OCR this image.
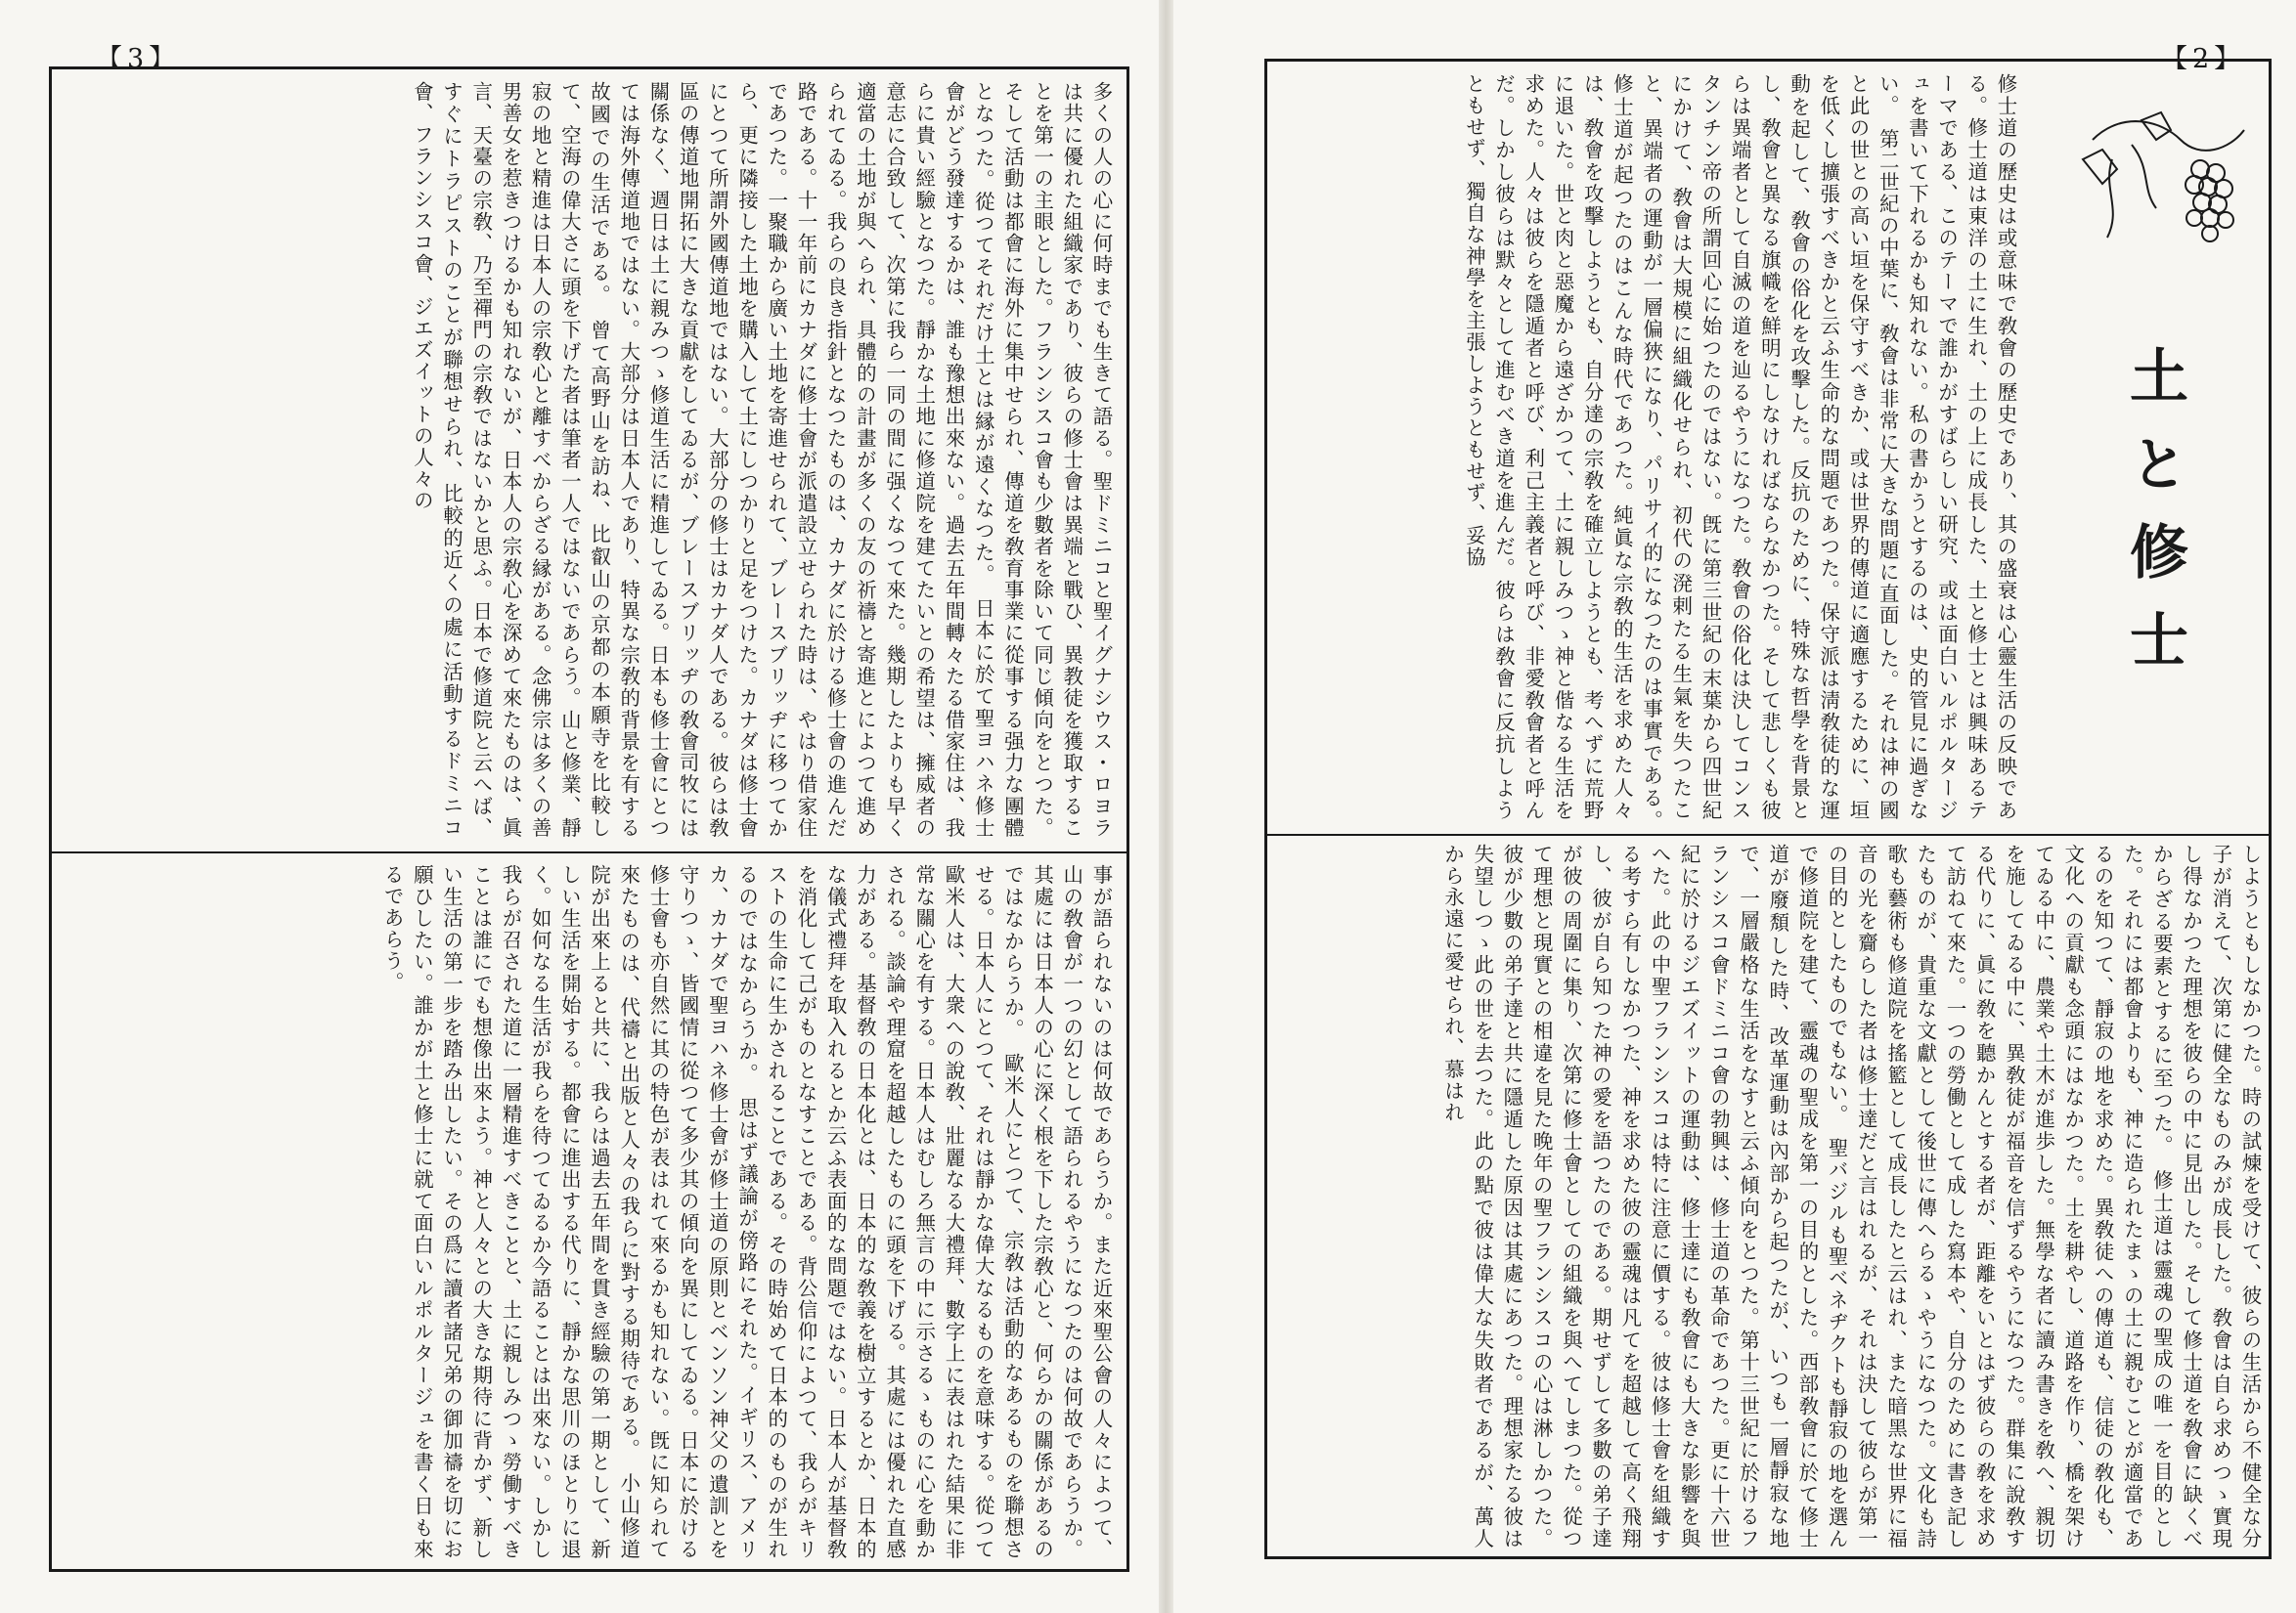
【3】
多くの人の心に何時までも生きて語る。聖ドミニコと聖イグナシウス・ロヨラは共に優れた組織家であり、彼らの修士會は異端と戰ひ、異教徒を獲取することを第一の主眼とした。フランシスコ會も少數者を除いて同じ傾向をとつた。そして活動は都會に海外に集中せられ、傳道を敎育事業に從事する强力な團體となつた。從つてそれだけ土とは縁が遠くなつた。　日本に於て聖ヨハネ修士會がどう發達するかは、誰も豫想出來ない。過去五年間轉々たる借家住は、我らに貴い經驗となつた。靜かな土地に修道院を建てたいとの希望は、擁威者の意志に合致して、次第に我ら一同の間に强くなつて來た。幾期したよりも早く適當の土地が與へられ、具體的の計畫が多くの友の祈禱と寄進とによつて進められてゐる。我らの良き指針となつたものは、カナダに於ける修士會の進んだ路である。十一年前にカナダに修士會が派遣設立せられた時は、やはり借家住であつた。一聚職から廣い土地を寄進せられて、ブレースブリッヂに移つてから、更に隣接した土地を購入して土にしつかりと足をつけた。カナダは修士會にとつて所謂外國傳道地ではない。大部分の修士はカナダ人である。彼らは敎區の傳道地開拓に大きな貢獻をしてゐるが、ブレースブリッヂの敎會司牧には關係なく、週日は土に親みつゝ修道生活に精進してゐる。日本も修士會にとつては海外傳道地ではない。大部分は日本人であり、特異な宗敎的背景を有する故國での生活である。　曾て高野山を訪ね、比叡山の京都の本願寺を比較して、空海の偉大さに頭を下げた者は筆者一人ではないであらう。山と修業、靜寂の地と精進は日本人の宗敎心と離すべからざる縁がある。念佛宗は多くの善男善女を惹きつけるかも知れないが、日本人の宗敎心を深めて來たものは、眞言、天臺の宗敎、乃至禪門の宗敎ではないかと思ふ。日本で修道院と云へば、すぐにトラピストのことが聯想せられ、比較的近くの處に活動するドミニコ會、フランシスコ會、ジエズイットの人々の
事が語られないのは何故であらうか。また近來聖公會の人々によつて、山の敎會が一つの幻として語られるやうになつたのは何故であらうか。其處には日本人の心に深く根を下した宗敎心と、何らかの關係があるのではなからうか。　歐米人にとつて、宗敎は活動的なあるものを聯想させる。日本人にとつて、それは靜かな偉大なるものを意味する。從つて歐米人は、大衆への說敎、壯麗なる大禮拜、數字上に表はれた結果に非常な關心を有する。日本人はむしろ無言の中に示さるゝものに心を動かされる。談論や理窟を超越したものに頭を下げる。其處には優れた直感力がある。基督敎の日本化とは、日本的な敎義を樹立するとか、日本的な儀式禮拜を取入れるとか云ふ表面的な問題ではない。日本人が基督敎を消化して己がものとなすことである。背公信仰によつて、我らがキリストの生命に生かされることである。その時始めて日本的のものが生れるのではなからうか。　思はず議論が傍路にそれた。イギリス、アメリカ、カナダで聖ヨハネ修士會が修士道の原則とベンソン神父の遺訓とを守りつゝ、皆國情に從つて多少其の傾向を異にしてゐる。日本に於ける修士會も亦自然に其の特色が表はれて來るかも知れない。旣に知られて來たものは、代禱と出版と人々の我らに對する期待である。　小山修道院が出來上ると共に、我らは過去五年間を貫き經驗の第一期として、新しい生活を開始する。都會に進出する代りに、靜かな思川のほとりに退く。如何なる生活が我らを待つてゐるか今語ることは出來ない。しかし我らが召された道に一層精進すべきことと、土に親しみつゝ勞働すべきことは誰にでも想像出來よう。神と人々との大きな期待に背かず、新しい生活の第一步を踏み出したい。その爲に讀者諸兄弟の御加禱を切にお願ひしたい。誰かが土と修士に就て面白いルポルタージュを書く日も來るであらう。
【2】
土と修士
修士道の歷史は或意味で敎會の歷史であり、其の盛衰は心靈生活の反映である。修士道は東洋の土に生れ、土の上に成長した、土と修士とは興味あるテーマである、このテーマで誰かがすばらしい研究、或は面白いルポルタージュを書いて下れるかも知れない。私の書かうとするのは、史的管見に過ぎない。　第二世紀の中葉に、敎會は非常に大きな問題に直面した。それは神の國と此の世との高い垣を保守すべきか、或は世界的傳道に適應するために、垣を低くし擴張すべきかと云ふ生命的な問題であつた。保守派は淸敎徒的な運動を起して、敎會の俗化を攻擊した。反抗のために、特殊な哲學を背景とし、敎會と異なる旗幟を鮮明にしなければならなかつた。そして悲しくも彼らは異端者として自滅の道を辿るやうになつた。敎會の俗化は決してコンスタンチン帝の所謂回心に始つたのではない。旣に第三世紀の末葉から四世紀にかけて、敎會は大規模に組織化せられ、初代の溌剌たる生氣を失つたこと、異端者の運動が一層偏狹になり、パリサイ的になつたのは事實である。　修士道が起つたのはこんな時代であつた。純眞な宗敎的生活を求めた人々は、敎會を攻擊しようとも、自分達の宗敎を確立しようとも、考へずに荒野に退いた。世と肉と惡魔から遠ざかつて、土に親しみつゝ神と偕なる生活を求めた。人々は彼らを隱遁者と呼び、利己主義者と呼び、非愛敎會者と呼んだ。しかし彼らは默々として進むべき道を進んだ。彼らは敎會に反抗しようともせず、獨自な神學を主張しようともせず、妥協
しようともしなかつた。時の試煉を受けて、彼らの生活から不健全な分子が消えて、次第に健全なものみが成長した。敎會は自ら求めつゝ實現し得なかつた理想を彼らの中に見出した。そして修士道を敎會に缺くべからざる要素とするに至つた。　修士道は靈魂の聖成の唯一を目的とした。それには都會よりも、神に造られたまゝの土に親むことが適當であるのを知つて、靜寂の地を求めた。異敎徒への傳道も、信徒の敎化も、文化への貢獻も念頭にはなかつた。土を耕やし、道路を作り、橋を架けてゐる中に、農業や土木が進歩した。無學な者に讀み書きを敎へ、親切を施してゐる中に、異敎徒が福音を信ずるやうになつた。群集に說敎する代りに、眞に敎を聽かんとする者が、距離をいとはず彼らの敎を求めて訪ねて來た。一つの勞働として成した寫本や、自分のために書き記したものが、貴重な文獻として後世に傳へらるゝやうになつた。文化も詩歌も藝術も修道院を搖籃として成長したと云はれ、また暗黑な世界に福音の光を齎らした者は修士達だと言はれるが、それは決して彼らが第一の目的としたものでもない。　聖バジルも聖ベネヂクトも靜寂の地を選んで修道院を建て、靈魂の聖成を第一の目的とした。西部敎會に於て修士道が廢頽した時、改革運動は內部から起つたが、いつも一層靜寂な地で、一層嚴格な生活をなすと云ふ傾向をとつた。第十三世紀に於けるフランシスコ會ドミニコ會の勃興は、修士道の革命であつた。更に十六世紀に於けるジエズイットの運動は、修士達にも敎會にも大きな影響を與へた。此の中聖フランシスコは特に注意に價する。彼は修士會を組織する考すら有しなかつた、神を求めた彼の靈魂は凡てを超越して高く飛翔し、彼が自ら知つた神の愛を語つたのである。期せずして多數の弟子達が彼の周圍に集り、次第に修士會としての組織を與へてしまつた。從つて理想と現實との相違を見た晚年の聖フランシスコの心は淋しかつた。彼が少數の弟子達と共に隱遁した原因は其處にあつた。理想家たる彼は失望しつゝ此の世を去つた。此の點で彼は偉大な失敗者であるが、萬人から永遠に愛せられ、慕はれ
